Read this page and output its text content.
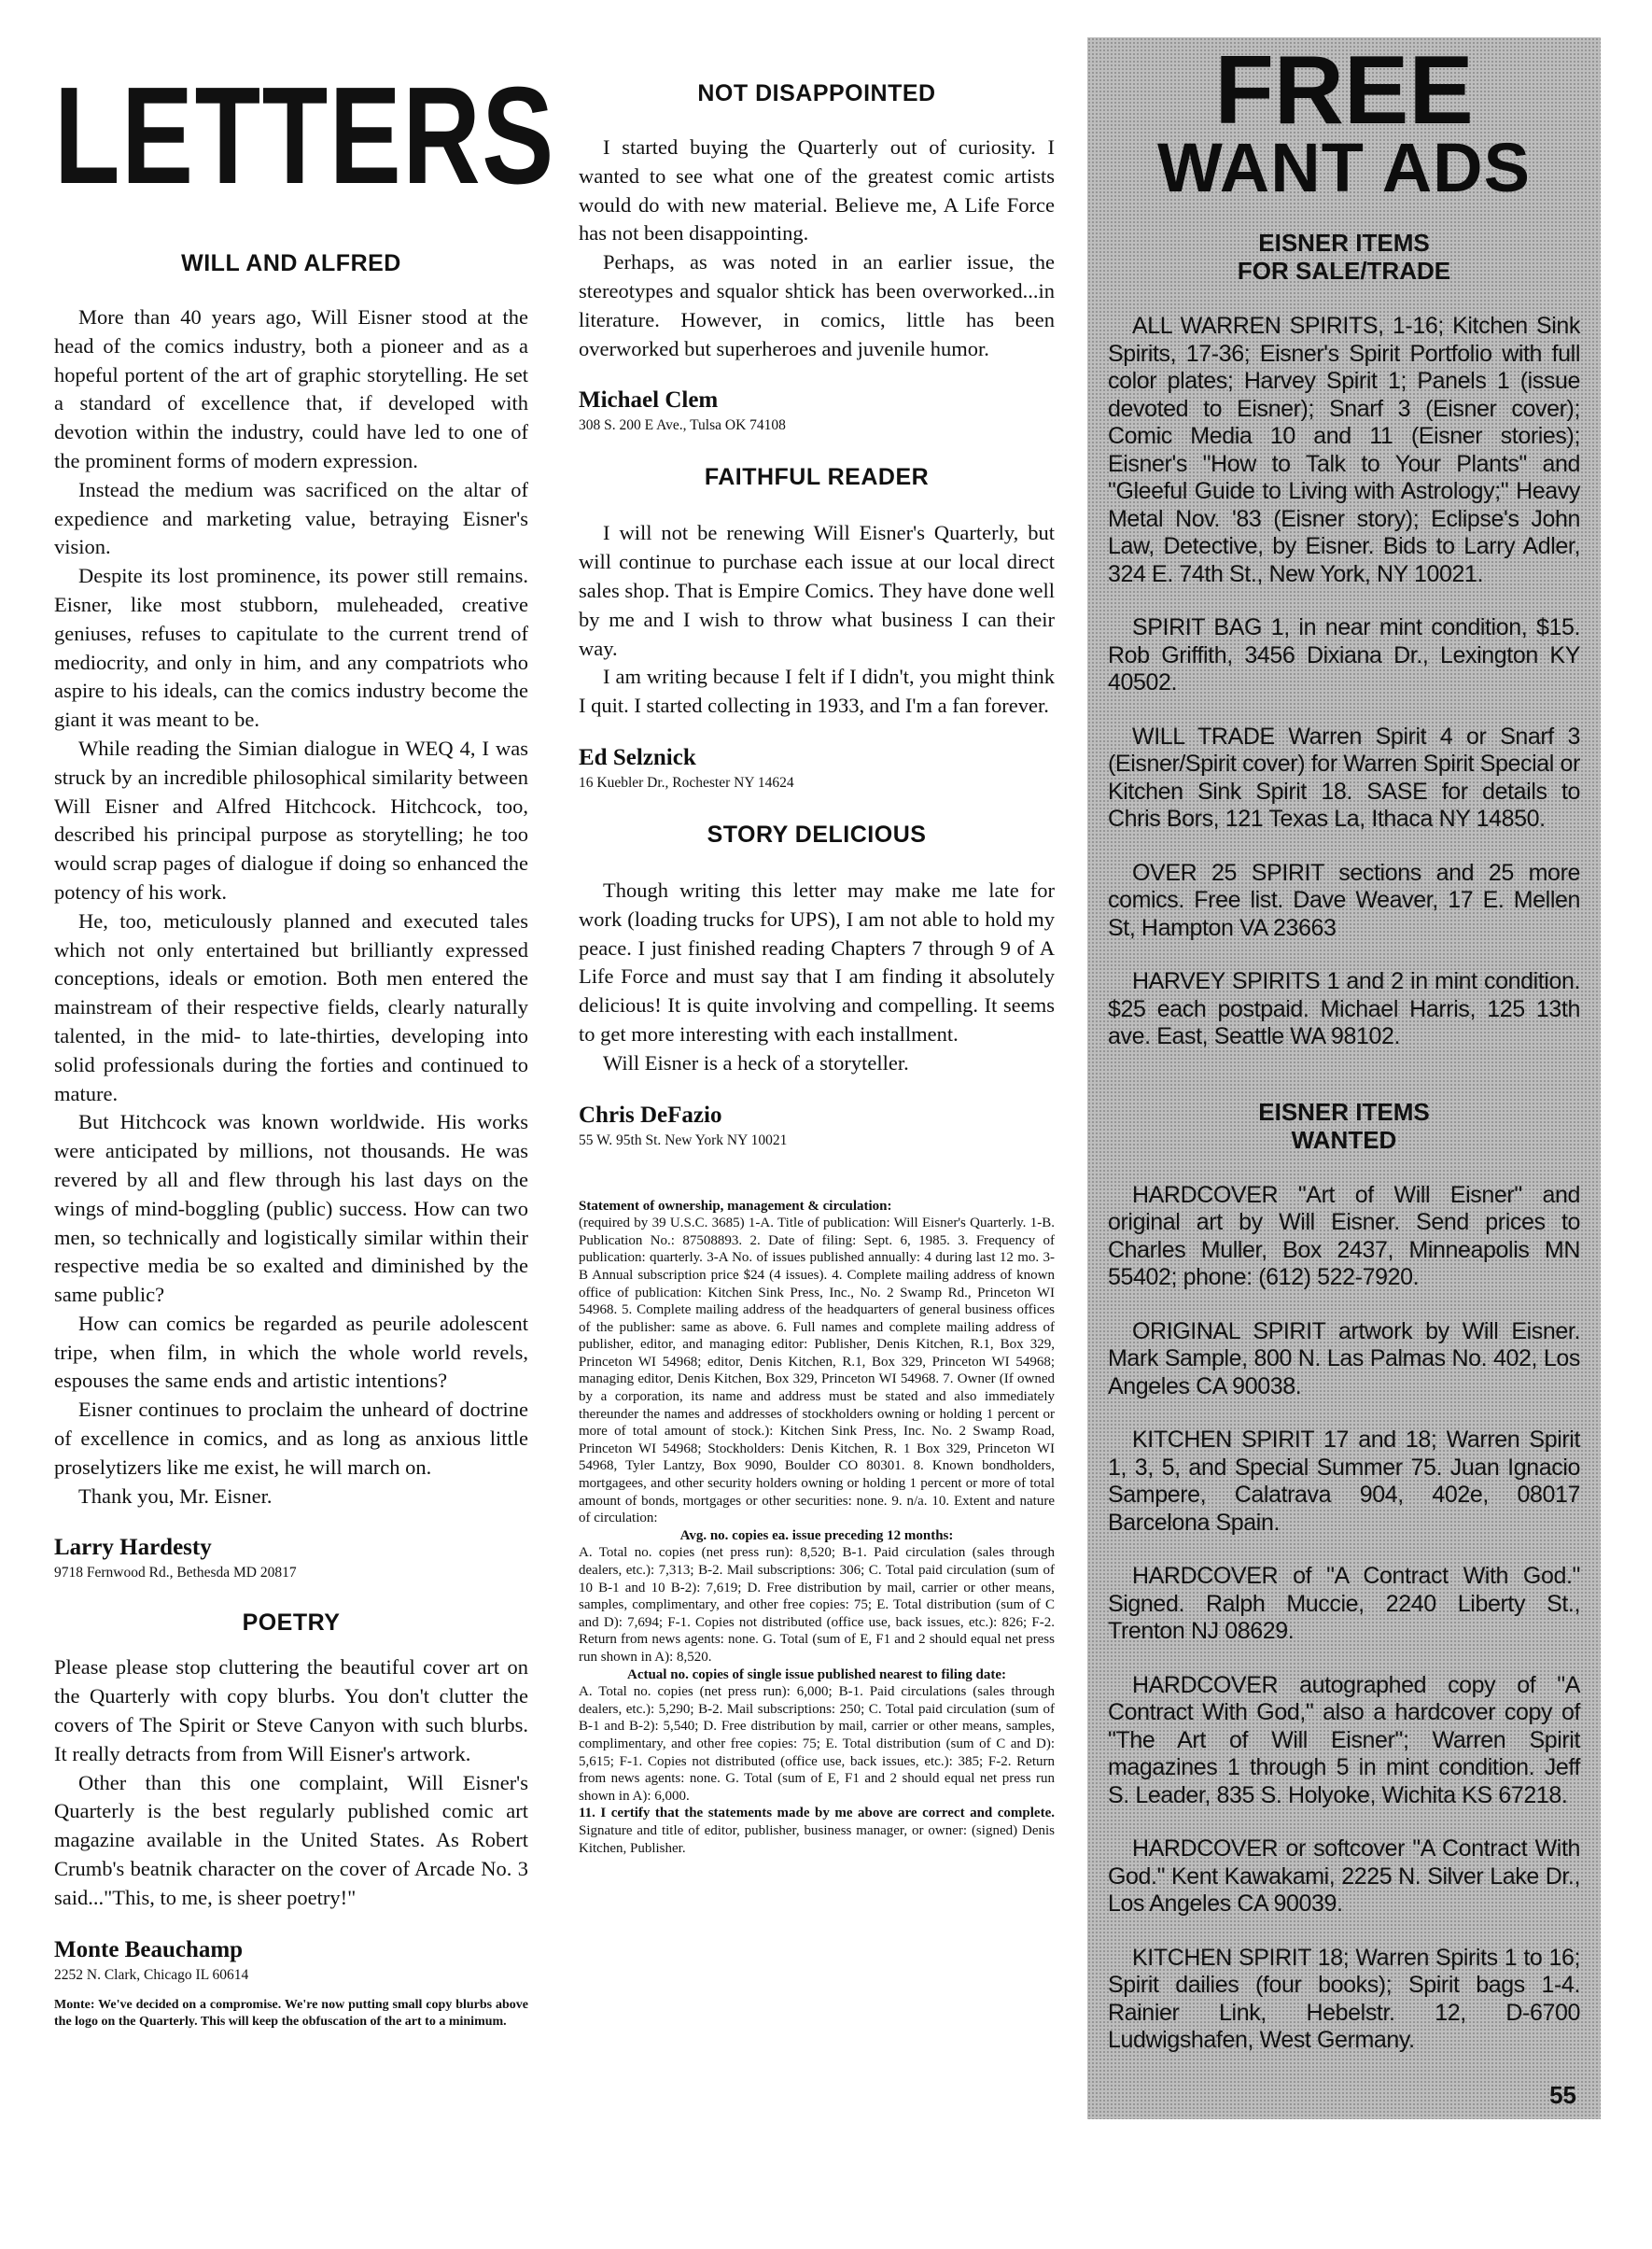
LETTERS
WILL AND ALFRED

More than 40 years ago, Will Eisner stood at the head of the comics industry, both a pioneer and as a hopeful portent of the art of graphic storytelling. He set a standard of excellence that, if developed with devotion within the industry, could have led to one of the prominent forms of modern expression.

Instead the medium was sacrificed on the altar of expedience and marketing value, betraying Eisner's vision.

Despite its lost prominence, its power still remains. Eisner, like most stubborn, muleheaded, creative geniuses, refuses to capitulate to the current trend of mediocrity, and only in him, and any compatriots who aspire to his ideals, can the comics industry become the giant it was meant to be.

While reading the Simian dialogue in WEQ 4, I was struck by an incredible philosophical similarity between Will Eisner and Alfred Hitchcock. Hitchcock, too, described his principal purpose as storytelling; he too would scrap pages of dialogue if doing so enhanced the potency of his work.

He, too, meticulously planned and executed tales which not only entertained but brilliantly expressed conceptions, ideals or emotion. Both men entered the mainstream of their respective fields, clearly naturally talented, in the mid- to late-thirties, developing into solid professionals during the forties and continued to mature.

But Hitchcock was known worldwide. His works were anticipated by millions, not thousands. He was revered by all and flew through his last days on the wings of mind-boggling (public) success. How can two men, so technically and logistically similar within their respective media be so exalted and diminished by the same public?

How can comics be regarded as peurile adolescent tripe, when film, in which the whole world revels, espouses the same ends and artistic intentions?

Eisner continues to proclaim the unheard of doctrine of excellence in comics, and as long as anxious little proselytizers like me exist, he will march on.

Thank you, Mr. Eisner.

Larry Hardesty
9718 Fernwood Rd., Bethesda MD 20817
POETRY

Please please stop cluttering the beautiful cover art on the Quarterly with copy blurbs. You don't clutter the covers of The Spirit or Steve Canyon with such blurbs. It really detracts from from Will Eisner's artwork.

Other than this one complaint, Will Eisner's Quarterly is the best regularly published comic art magazine available in the United States. As Robert Crumb's beatnik character on the cover of Arcade No. 3 said..."This, to me, is sheer poetry!"

Monte Beauchamp
2252 N. Clark, Chicago IL 60614

Monte: We've decided on a compromise. We're now putting small copy blurbs above the logo on the Quarterly. This will keep the obfuscation of the art to a minimum.

NOT DISAPPOINTED

I started buying the Quarterly out of curiosity. I wanted to see what one of the greatest comic artists would do with new material. Believe me, A Life Force has not been disappointing.

Perhaps, as was noted in an earlier issue, the stereotypes and squalor shtick has been overworked...in literature. However, in comics, little has been overworked but superheroes and juvenile humor.

Michael Clem
308 S. 200 E Ave., Tulsa OK 74108
FAITHFUL READER

I will not be renewing Will Eisner's Quarterly, but will continue to purchase each issue at our local direct sales shop. That is Empire Comics. They have done well by me and I wish to throw what business I can their way.

I am writing because I felt if I didn't, you might think I quit. I started collecting in 1933, and I'm a fan forever.

Ed Selznick
16 Kuebler Dr., Rochester NY 14624
STORY DELICIOUS

Though writing this letter may make me late for work (loading trucks for UPS), I am not able to hold my peace. I just finished reading Chapters 7 through 9 of A Life Force and must say that I am finding it absolutely delicious! It is quite involving and compelling. It seems to get more interesting with each installment.

Will Eisner is a heck of a storyteller.

Chris DeFazio
55 W. 95th St. New York NY 10021
Statement of ownership, management & circulation:

(required by 39 U.S.C. 3685) 1-A. Title of publication: Will Eisner's Quarterly. 1-B. Publication No.: 87508893. 2. Date of filing: Sept. 6, 1985. 3. Frequency of publication: quarterly. 3-A No. of issues published annually: 4 during last 12 mo. 3-B Annual subscription price $24 (4 issues). 4. Complete mailing address of known office of publication: Kitchen Sink Press, Inc., No. 2 Swamp Rd., Princeton WI 54968. 5. Complete mailing address of the headquarters of general business offices of the publisher: same as above. 6. Full names and complete mailing address of publisher, editor, and managing editor: Publisher, Denis Kitchen, R.1, Box 329, Princeton WI 54968; editor, Denis Kitchen, R.1, Box 329, Princeton WI 54968; managing editor, Denis Kitchen, Box 329, Princeton WI 54968. 7. Owner (If owned by a corporation, its name and address must be stated and also immediately thereunder the names and addresses of stockholders owning or holding 1 percent or more of total amount of stock.): Kitchen Sink Press, Inc. No. 2 Swamp Road, Princeton WI 54968; Stockholders: Denis Kitchen, R. 1 Box 329, Princeton WI 54968, Tyler Lantzy, Box 9090, Boulder CO 80301. 8. Known bondholders, mortgagees, and other security holders owning or holding 1 percent or more of total amount of bonds, mortgages or other securities: none. 9. n/a. 10. Extent and nature of circulation:

Avg. no. copies ea. issue preceding 12 months:

A. Total no. copies (net press run): 8,520; B-1. Paid circulation (sales through dealers, etc.): 7,313; B-2. Mail subscriptions: 306; C. Total paid circulation (sum of 10 B-1 and 10 B-2): 7,619; D. Free distribution by mail, carrier or other means, samples, complimentary, and other free copies: 75; E. Total distribution (sum of C and D): 7,694; F-1. Copies not distributed (office use, back issues, etc.): 826; F-2. Return from news agents: none. G. Total (sum of E, F1 and 2 should equal net press run shown in A): 8,520.

Actual no. copies of single issue published nearest to filing date:

A. Total no. copies (net press run): 6,000; B-1. Paid circulations (sales through dealers, etc.): 5,290; B-2. Mail subscriptions: 250; C. Total paid circulation (sum of B-1 and B-2): 5,540; D. Free distribution by mail, carrier or other means, samples, complimentary, and other free copies: 75; E. Total distribution (sum of C and D): 5,615; F-1. Copies not distributed (office use, back issues, etc.): 385; F-2. Return from news agents: none. G. Total (sum of E, F1 and 2 should equal net press run shown in A): 6,000.

11. I certify that the statements made by me above are correct and complete. Signature and title of editor, publisher, business manager, or owner: (signed) Denis Kitchen, Publisher.

FREE
WANT ADS
EISNER ITEMS
FOR SALE/TRADE

ALL WARREN SPIRITS, 1-16; Kitchen Sink Spirits, 17-36; Eisner's Spirit Portfolio with full color plates; Harvey Spirit 1; Panels 1 (issue devoted to Eisner); Snarf 3 (Eisner cover); Comic Media 10 and 11 (Eisner stories); Eisner's "How to Talk to Your Plants" and "Gleeful Guide to Living with Astrology;" Heavy Metal Nov. '83 (Eisner story); Eclipse's John Law, Detective, by Eisner. Bids to Larry Adler, 324 E. 74th St., New York, NY 10021.

SPIRIT BAG 1, in near mint condition, $15. Rob Griffith, 3456 Dixiana Dr., Lexington KY 40502.

WILL TRADE Warren Spirit 4 or Snarf 3 (Eisner/Spirit cover) for Warren Spirit Special or Kitchen Sink Spirit 18. SASE for details to Chris Bors, 121 Texas La, Ithaca NY 14850.

OVER 25 SPIRIT sections and 25 more comics. Free list. Dave Weaver, 17 E. Mellen St, Hampton VA 23663

HARVEY SPIRITS 1 and 2 in mint condition. $25 each postpaid. Michael Harris, 125 13th ave. East, Seattle WA 98102.

EISNER ITEMS
WANTED

HARDCOVER "Art of Will Eisner" and original art by Will Eisner. Send prices to Charles Muller, Box 2437, Minneapolis MN 55402; phone: (612) 522-7920.

ORIGINAL SPIRIT artwork by Will Eisner. Mark Sample, 800 N. Las Palmas No. 402, Los Angeles CA 90038.

KITCHEN SPIRIT 17 and 18; Warren Spirit 1, 3, 5, and Special Summer 75. Juan Ignacio Sampere, Calatrava 904, 402e, 08017 Barcelona Spain.

HARDCOVER of "A Contract With God." Signed. Ralph Muccie, 2240 Liberty St., Trenton NJ 08629.

HARDCOVER autographed copy of "A Contract With God," also a hardcover copy of "The Art of Will Eisner"; Warren Spirit magazines 1 through 5 in mint condition. Jeff S. Leader, 835 S. Holyoke, Wichita KS 67218.

HARDCOVER or softcover "A Contract With God." Kent Kawakami, 2225 N. Silver Lake Dr., Los Angeles CA 90039.

KITCHEN SPIRIT 18; Warren Spirits 1 to 16; Spirit dailies (four books); Spirit bags 1-4. Rainier Link, Hebelstr. 12, D-6700 Ludwigshafen, West Germany.

55
